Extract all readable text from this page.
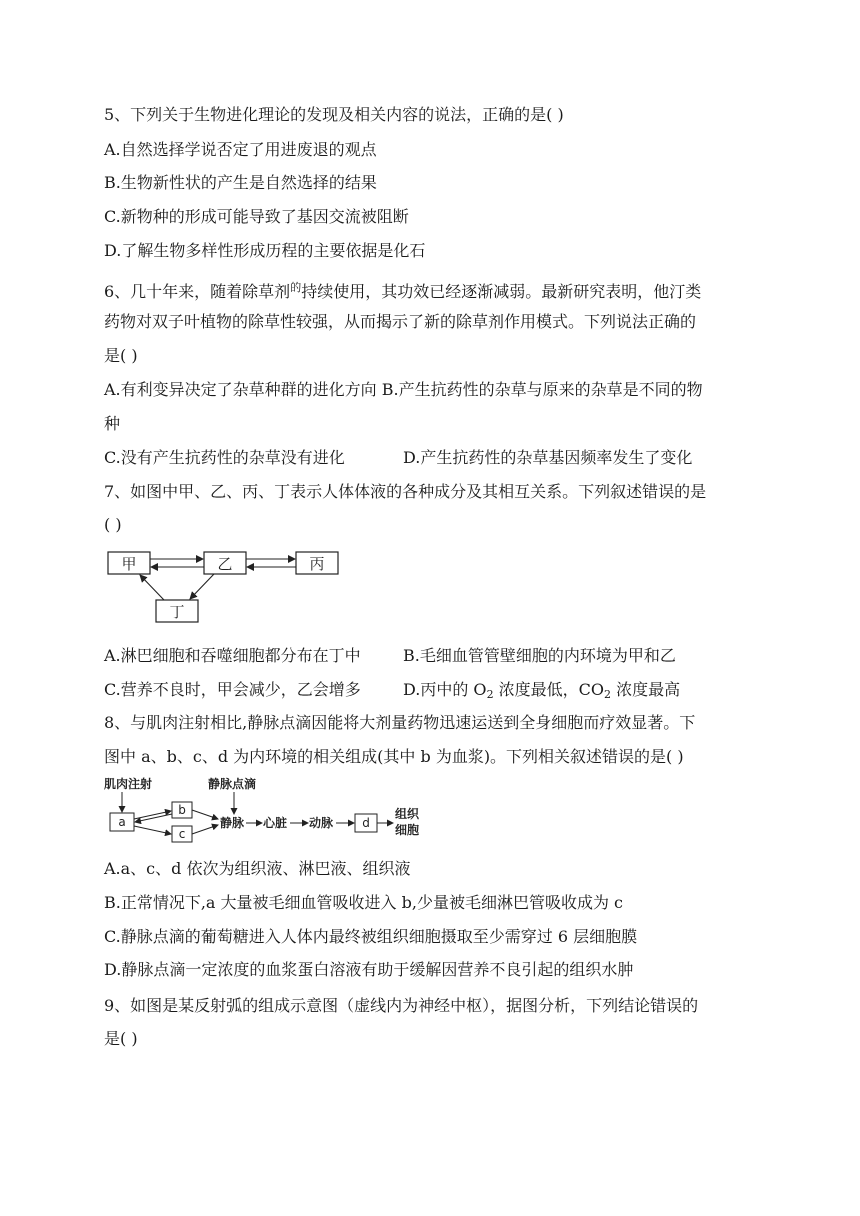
5、下列关于生物进化理论的发现及相关内容的说法，正确的是( )
A.自然选择学说否定了用进废退的观点
B.生物新性状的产生是自然选择的结果
C.新物种的形成可能导致了基因交流被阻断
D.了解生物多样性形成历程的主要依据是化石
6、几十年来，随着除草剂$^的$持续使用，其功效已经逐渐减弱。最新研究表明，他汀类
药物对双子叶植物的除草性较强，从而揭示了新的除草剂作用模式。下列说法正确的
是( )
A.有利变异决定了杂草种群的进化方向 B.产生抗药性的杂草与原来的杂草是不同的物
种
C.没有产生抗药性的杂草没有进化	D.产生抗药性的杂草基因频率发生了变化
7、如图中甲、乙、丙、丁表示人体体液的各种成分及其相互关系。下列叙述错误的是
( )
甲	乙	丙
丁
A.淋巴细胞和吞噬细胞都分布在丁中	B.毛细血管管壁细胞的内环境为甲和乙
C.营养不良时，甲会减少，乙会增多	D.丙中的 $O_2$ 浓度最低，$CO_2$ 浓度最高
8、与肌肉注射相比,静脉点滴因能将大剂量药物迅速运送到全身细胞而疗效显著。下
图中 a、b、c、d 为内环境的相关组成(其中 b 为血浆)。下列相关叙述错误的是( )
肌肉注射	静脉点滴
a
b
c
静脉 心脏 动脉 d
组织
细胞
A.a、c、d 依次为组织液、淋巴液、组织液
B.正常情况下,a 大量被毛细血管吸收进入 b,少量被毛细淋巴管吸收成为 c
C.静脉点滴的葡萄糖进入人体内最终被组织细胞摄取至少需穿过 6 层细胞膜
D.静脉点滴一定浓度的血浆蛋白溶液有助于缓解因营养不良引起的组织水肿
9、如图是某反射弧的组成示意图（虚线内为神经中枢），据图分析，下列结论错误的
是( )
